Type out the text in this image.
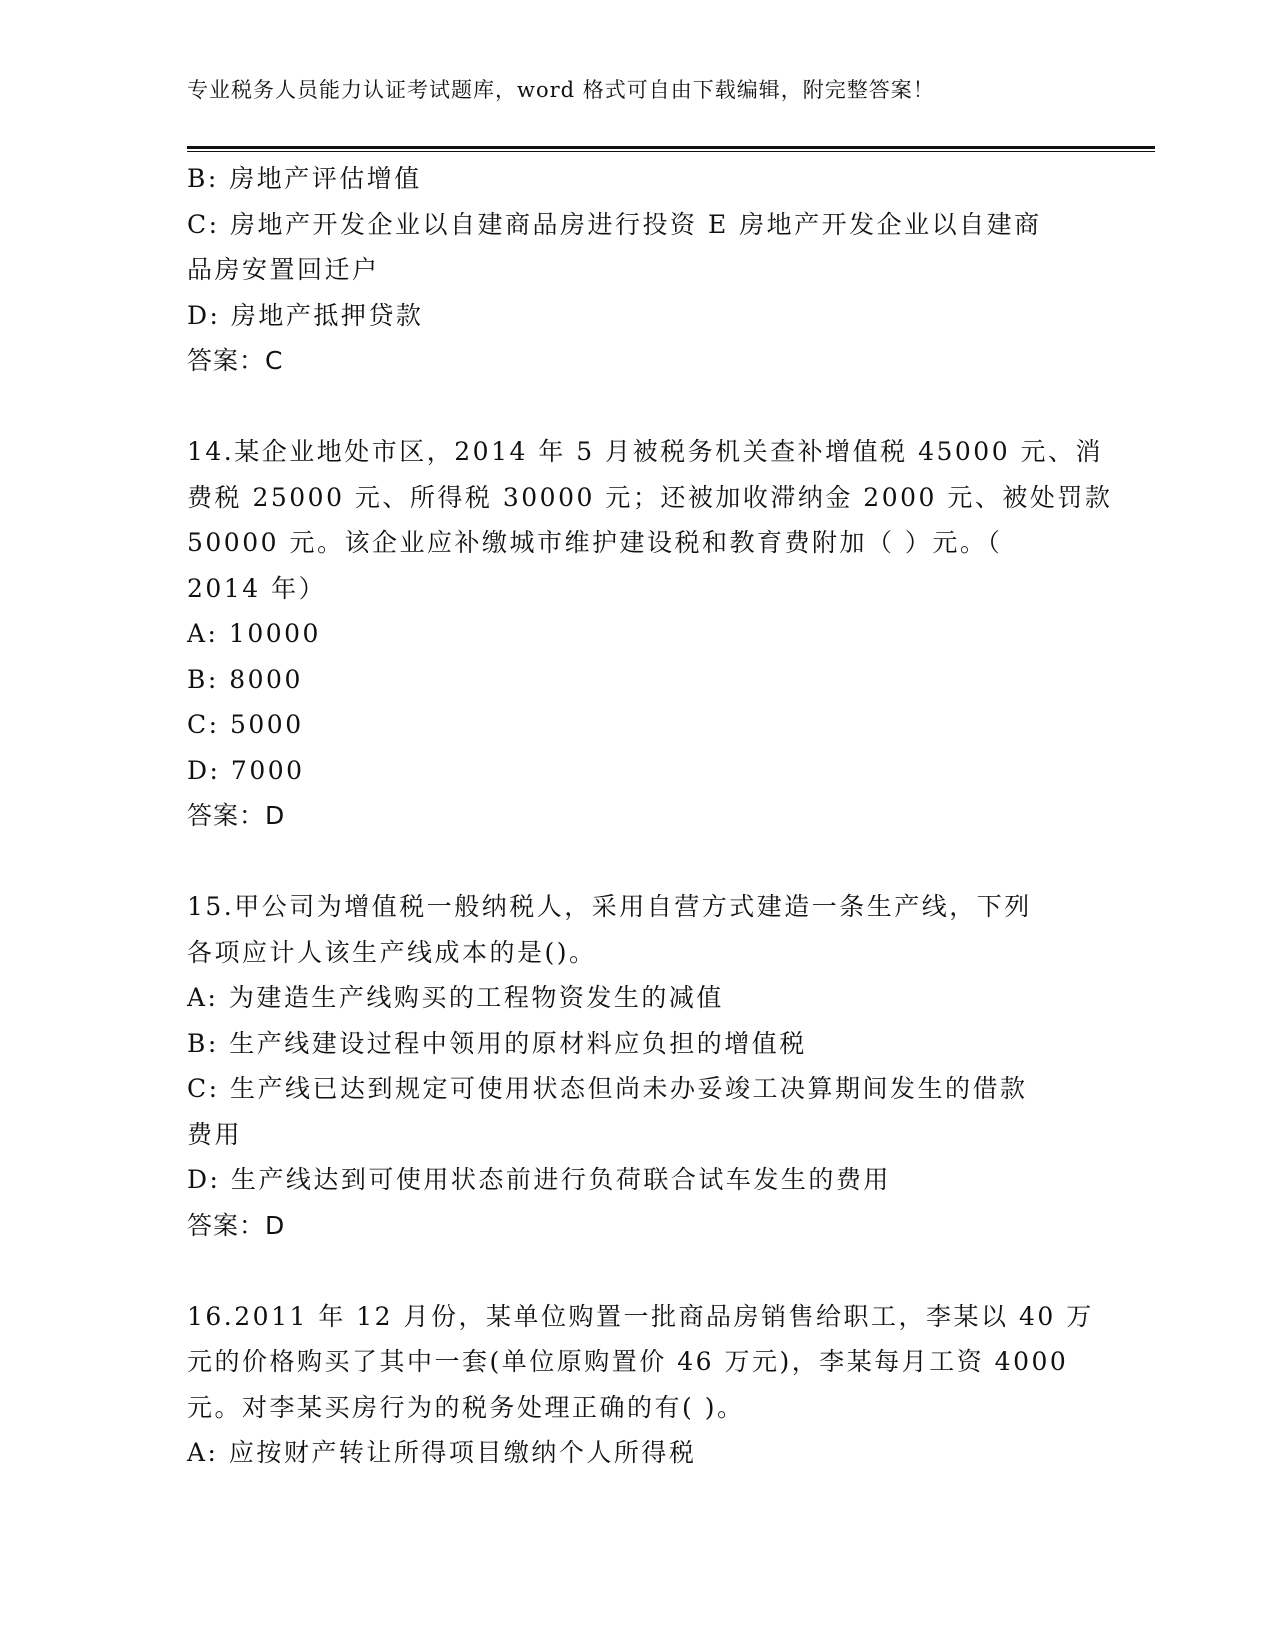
专业税务人员能力认证考试题库，word 格式可自由下载编辑，附完整答案！
B: 房地产评估增值
C: 房地产开发企业以自建商品房进行投资 E 房地产开发企业以自建商
品房安置回迁户
D: 房地产抵押贷款
答案：C
14.某企业地处市区，2014 年 5 月被税务机关查补增值税 45000 元、消
费税 25000 元、所得税 30000 元；还被加收滞纳金 2000 元、被处罚款
50000 元。该企业应补缴城市维护建设税和教育费附加（ ）元。（
2014 年）
A: 10000
B: 8000
C: 5000
D: 7000
答案：D
15.甲公司为增值税一般纳税人，采用自营方式建造一条生产线，下列
各项应计人该生产线成本的是()。
A: 为建造生产线购买的工程物资发生的减值
B: 生产线建设过程中领用的原材料应负担的增值税
C: 生产线已达到规定可使用状态但尚未办妥竣工决算期间发生的借款
费用
D: 生产线达到可使用状态前进行负荷联合试车发生的费用
答案：D
16.2011 年 12 月份，某单位购置一批商品房销售给职工，李某以 40 万
元的价格购买了其中一套(单位原购置价 46 万元)，李某每月工资 4000
元。对李某买房行为的税务处理正确的有( )。
A: 应按财产转让所得项目缴纳个人所得税
